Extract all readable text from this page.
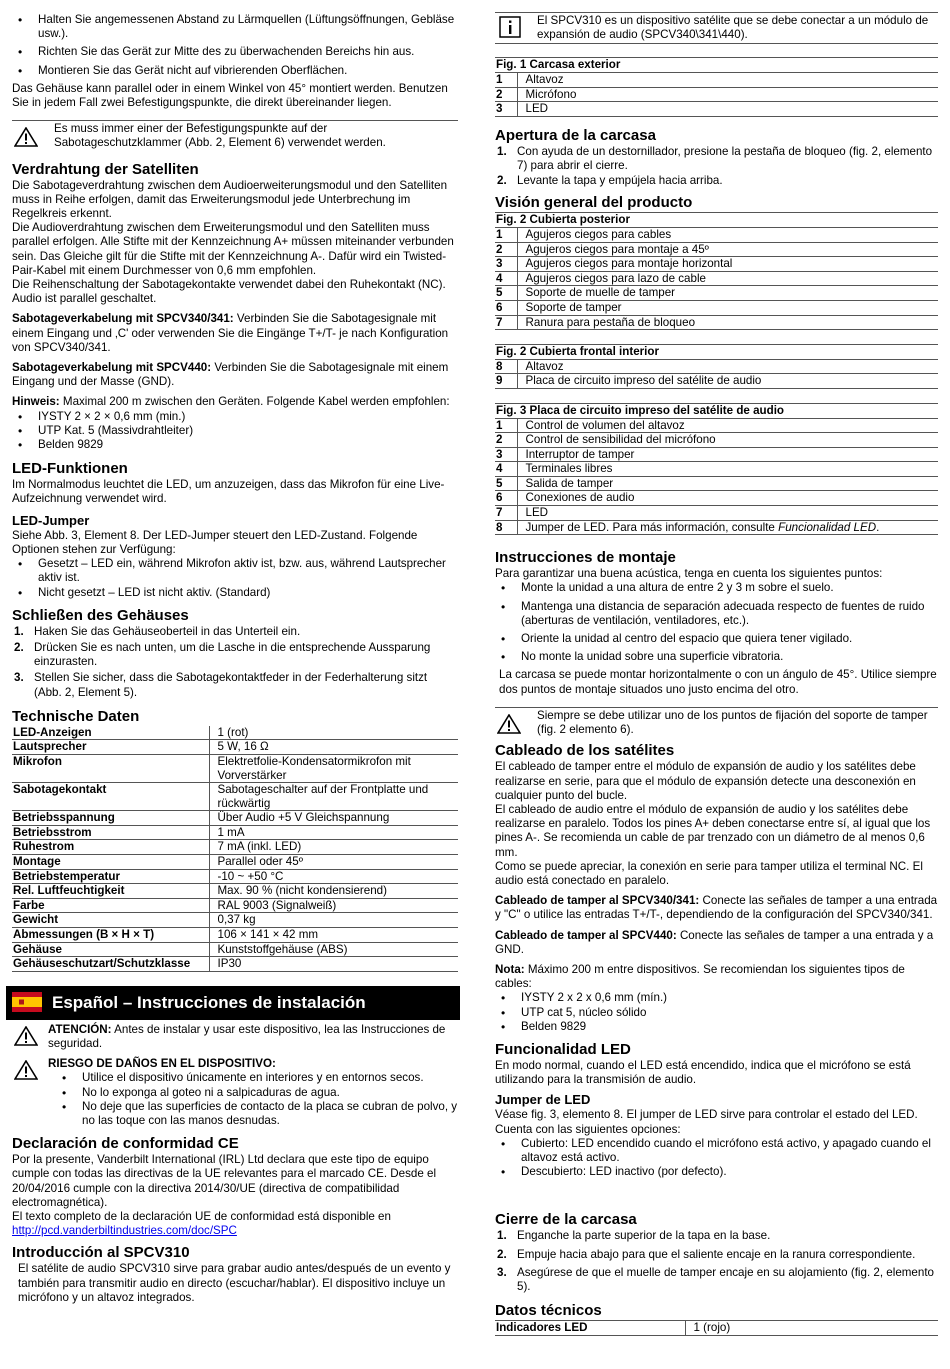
• Halten Sie angemessenen Abstand zu Lärmquellen (Lüftungsöffnungen, Gebläse usw.).
• Richten Sie das Gerät zur Mitte des zu überwachenden Bereichs hin aus.
• Montieren Sie das Gerät nicht auf vibrierenden Oberflächen.

Das Gehäuse kann parallel oder in einem Winkel von 45° montiert werden. Benutzen Sie in jedem Fall zwei Befestigungspunkte, die direkt übereinander liegen.

Es muss immer einer der Befestigungspunkte auf der Sabotageschutzklammer (Abb. 2, Element 6) verwendet werden.

Verdrahtung der Satelliten

Die Sabotageverdrahtung zwischen dem Audioerweiterungsmodul und den Satelliten muss in Reihe erfolgen, damit das Erweiterungsmodul jede Unterbrechung im Regelkreis erkennt.

Die Audioverdrahtung zwischen dem Erweiterungsmodul und den Satelliten muss parallel erfolgen. Alle Stifte mit der Kennzeichnung A+ müssen miteinander verbunden sein. Das Gleiche gilt für die Stifte mit der Kennzeichnung A-. Dafür wird ein Twisted-Pair-Kabel mit einem Durchmesser von 0,6 mm empfohlen.

Die Reihenschaltung der Sabotagekontakte verwendet dabei den Ruhekontakt (NC). Audio ist parallel geschaltet.

Sabotageverkabelung mit SPCV340/341: Verbinden Sie die Sabotagesignale mit einem Eingang und ‚C' oder verwenden Sie die Eingänge T+/T- je nach Konfiguration von SPCV340/341.

Sabotageverkabelung mit SPCV440: Verbinden Sie die Sabotagesignale mit einem Eingang und der Masse (GND).

Hinweis: Maximal 200 m zwischen den Geräten. Folgende Kabel werden empfohlen:

• IYSTY 2 × 2 × 0,6 mm (min.)
• UTP Kat. 5 (Massivdrahtleiter)
• Belden 9829
LED-Funktionen

Im Normalmodus leuchtet die LED, um anzuzeigen, dass das Mikrofon für eine Live-Aufzeichnung verwendet wird.

LED-Jumper

Siehe Abb. 3, Element 8. Der LED-Jumper steuert den LED-Zustand. Folgende Optionen stehen zur Verfügung:

• Gesetzt – LED ein, während Mikrofon aktiv ist, bzw. aus, während Lautsprecher aktiv ist.
• Nicht gesetzt – LED ist nicht aktiv. (Standard)
Schließen des Gehäuses
1. Haken Sie das Gehäuseoberteil in das Unterteil ein.
2. Drücken Sie es nach unten, um die Lasche in die entsprechende Aussparung einzurasten.
3. Stellen Sie sicher, dass die Sabotagekontaktfeder in der Federhalterung sitzt (Abb. 2, Element 5).
Technische Daten
LED-Anzeigen	1 (rot)
Lautsprecher	5 W, 16 Ω
Mikrofon	Elektretfolie-Kondensatormikrofon mit Vorverstärker
Sabotagekontakt	Sabotageschalter auf der Frontplatte und rückwärtig
Betriebsspannung	Über Audio +5 V Gleichspannung
Betriebsstrom	1 mA
Ruhestrom	7 mA (inkl. LED)
Montage	Parallel oder 45º
Betriebstemperatur	-10 ~ +50 °C
Rel. Luftfeuchtigkeit	Max. 90 % (nicht kondensierend)
Farbe	RAL 9003 (Signalweiß)
Gewicht	0,37 kg
Abmessungen (B × H × T)	106 × 141 × 42 mm
Gehäuse	Kunststoffgehäuse (ABS)
Gehäuseschutzart/Schutzklasse	IP30
Español – Instrucciones de instalación

ATENCIÓN: Antes de instalar y usar este dispositivo, lea las Instrucciones de seguridad.

RIESGO DE DAÑOS EN EL DISPOSITIVO:

• Utilice el dispositivo únicamente en interiores y en entornos secos.
• No lo exponga al goteo ni a salpicaduras de agua.
• No deje que las superficies de contacto de la placa se cubran de polvo, y no las toque con las manos desnudas.
Declaración de conformidad CE

Por la presente, Vanderbilt International (IRL) Ltd declara que este tipo de equipo cumple con todas las directivas de la UE relevantes para el marcado CE. Desde el 20/04/2016 cumple con la directiva 2014/30/UE (directiva de compatibilidad electromagnética).

El texto completo de la declaración UE de conformidad está disponible en

http://pcd.vanderbiltindustries.com/doc/SPC
Introducción al SPCV310

El satélite de audio SPCV310 sirve para grabar audio antes/después de un evento y también para transmitir audio en directo (escuchar/hablar). El dispositivo incluye un micrófono y un altavoz integrados.

El SPCV310 es un dispositivo satélite que se debe conectar a un módulo de expansión de audio (SPCV340\341\440).

Fig. 1 Carcasa exterior	
1	Altavoz
2	Micrófono
3	LED
Apertura de la carcasa
1. Con ayuda de un destornillador, presione la pestaña de bloqueo (fig. 2, elemento 7) para abrir el cierre.
2. Levante la tapa y empújela hacia arriba.
Visión general del producto
Fig. 2 Cubierta posterior	
1	Agujeros ciegos para cables
2	Agujeros ciegos para montaje a 45º
3	Agujeros ciegos para montaje horizontal
4	Agujeros ciegos para lazo de cable
5	Soporte de muelle de tamper
6	Soporte de tamper
7	Ranura para pestaña de bloqueo
Fig. 2 Cubierta frontal interior	
8	Altavoz
9	Placa de circuito impreso del satélite de audio
Fig. 3 Placa de circuito impreso del satélite de audio	
1	Control de volumen del altavoz
2	Control de sensibilidad del micrófono
3	Interruptor de tamper
4	Terminales libres
5	Salida de tamper
6	Conexiones de audio
7	LED
8	Jumper de LED. Para más información, consulte Funcionalidad LED.
Instrucciones de montaje

Para garantizar una buena acústica, tenga en cuenta los siguientes puntos:

• Monte la unidad a una altura de entre 2 y 3 m sobre el suelo.
• Mantenga una distancia de separación adecuada respecto de fuentes de ruido (aberturas de ventilación, ventiladores, etc.).
• Oriente la unidad al centro del espacio que quiera tener vigilado.
• No monte la unidad sobre una superficie vibratoria.

La carcasa se puede montar horizontalmente o con un ángulo de 45°. Utilice siempre dos puntos de montaje situados uno justo encima del otro.

Siempre se debe utilizar uno de los puntos de fijación del soporte de tamper (fig. 2 elemento 6).

Cableado de los satélites

El cableado de tamper entre el módulo de expansión de audio y los satélites debe realizarse en serie, para que el módulo de expansión detecte una desconexión en cualquier punto del bucle.

El cableado de audio entre el módulo de expansión de audio y los satélites debe realizarse en paralelo. Todos los pines A+ deben conectarse entre sí, al igual que los pines A-. Se recomienda un cable de par trenzado con un diámetro de al menos 0,6 mm.

Como se puede apreciar, la conexión en serie para tamper utiliza el terminal NC. El audio está conectado en paralelo.

Cableado de tamper al SPCV340/341: Conecte las señales de tamper a una entrada y "C" o utilice las entradas T+/T-, dependiendo de la configuración del SPCV340/341.

Cableado de tamper al SPCV440: Conecte las señales de tamper a una entrada y a GND.

Nota: Máximo 200 m entre dispositivos. Se recomiendan los siguientes tipos de cables:

• IYSTY 2 x 2 x 0,6 mm (mín.)
• UTP cat 5, núcleo sólido
• Belden 9829
Funcionalidad LED

En modo normal, cuando el LED está encendido, indica que el micrófono se está utilizando para la transmisión de audio.

Jumper de LED

Véase fig. 3, elemento 8. El jumper de LED sirve para controlar el estado del LED. Cuenta con las siguientes opciones:

• Cubierto: LED encendido cuando el micrófono está activo, y apagado cuando el altavoz está activo.
• Descubierto: LED inactivo (por defecto).
Cierre de la carcasa
1. Enganche la parte superior de la tapa en la base.
2. Empuje hacia abajo para que el saliente encaje en la ranura correspondiente.
3. Asegúrese de que el muelle de tamper encaje en su alojamiento (fig. 2, elemento 5).
Datos técnicos
Indicadores LED	1 (rojo)
